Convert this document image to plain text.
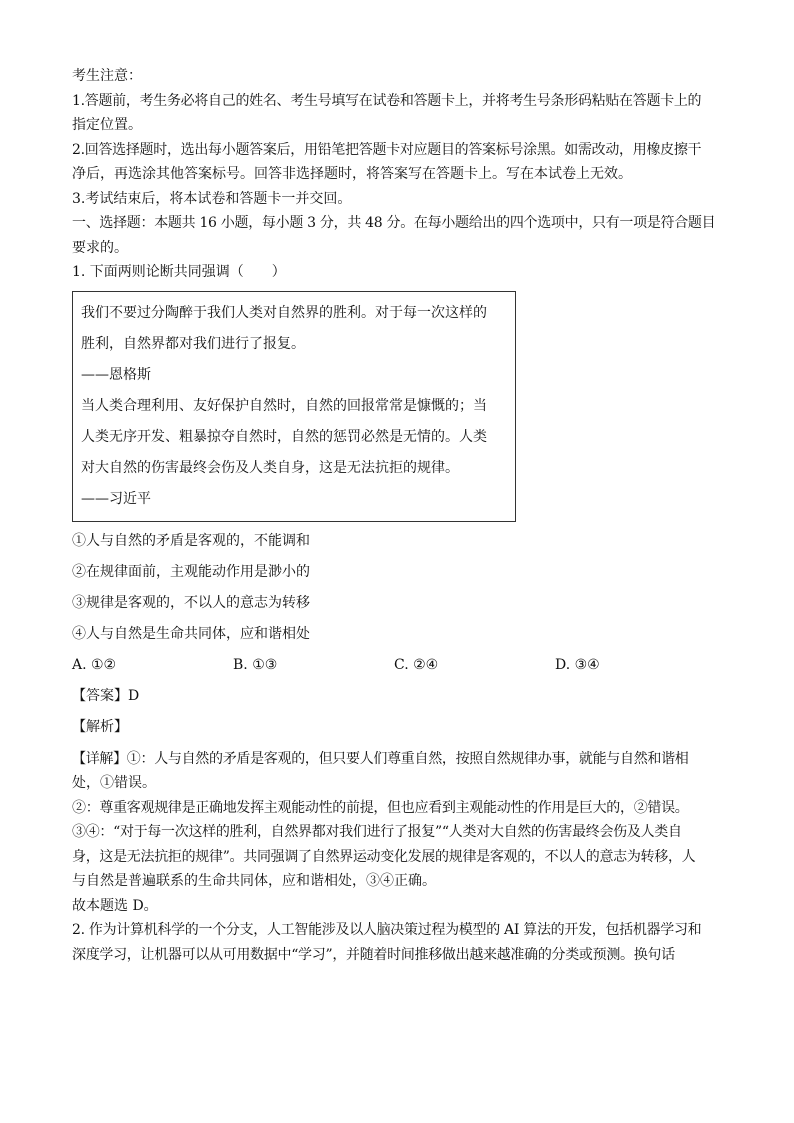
考生注意：

1.答题前，考生务必将自己的姓名、考生号填写在试卷和答题卡上，并将考生号条形码粘贴在答题卡上的

指定位置。

2.回答选择题时，选出每小题答案后，用铅笔把答题卡对应题目的答案标号涂黑。如需改动，用橡皮擦干

净后，再选涂其他答案标号。回答非选择题时，将答案写在答题卡上。写在本试卷上无效。

3.考试结束后，将本试卷和答题卡一并交回。

一、选择题：本题共 16 小题，每小题 3 分，共 48 分。在每小题给出的四个选项中，只有一项是符合题目

要求的。

1. 下面两则论断共同强调（　　）

我们不要过分陶醉于我们人类对自然界的胜利。对于每一次这样的

胜利，自然界都对我们进行了报复。

——恩格斯

当人类合理利用、友好保护自然时，自然的回报常常是慷慨的；当

人类无序开发、粗暴掠夺自然时，自然的惩罚必然是无情的。人类

对大自然的伤害最终会伤及人类自身，这是无法抗拒的规律。

——习近平

①人与自然的矛盾是客观的，不能调和

②在规律面前，主观能动作用是渺小的

③规律是客观的，不以人的意志为转移

④人与自然是生命共同体，应和谐相处

A. ①②	B. ①③	C. ②④	D. ③④

【答案】D

【解析】

【详解】①：人与自然的矛盾是客观的，但只要人们尊重自然，按照自然规律办事，就能与自然和谐相

处，①错误。

②：尊重客观规律是正确地发挥主观能动性的前提，但也应看到主观能动性的作用是巨大的，②错误。

③④：“对于每一次这样的胜利，自然界都对我们进行了报复”“人类对大自然的伤害最终会伤及人类自

身，这是无法抗拒的规律”。共同强调了自然界运动变化发展的规律是客观的，不以人的意志为转移，人

与自然是普遍联系的生命共同体，应和谐相处，③④正确。

故本题选 D。

2. 作为计算机科学的一个分支，人工智能涉及以人脑决策过程为模型的 AI 算法的开发，包括机器学习和

深度学习，让机器可以从可用数据中“学习”，并随着时间推移做出越来越准确的分类或预测。换句话
